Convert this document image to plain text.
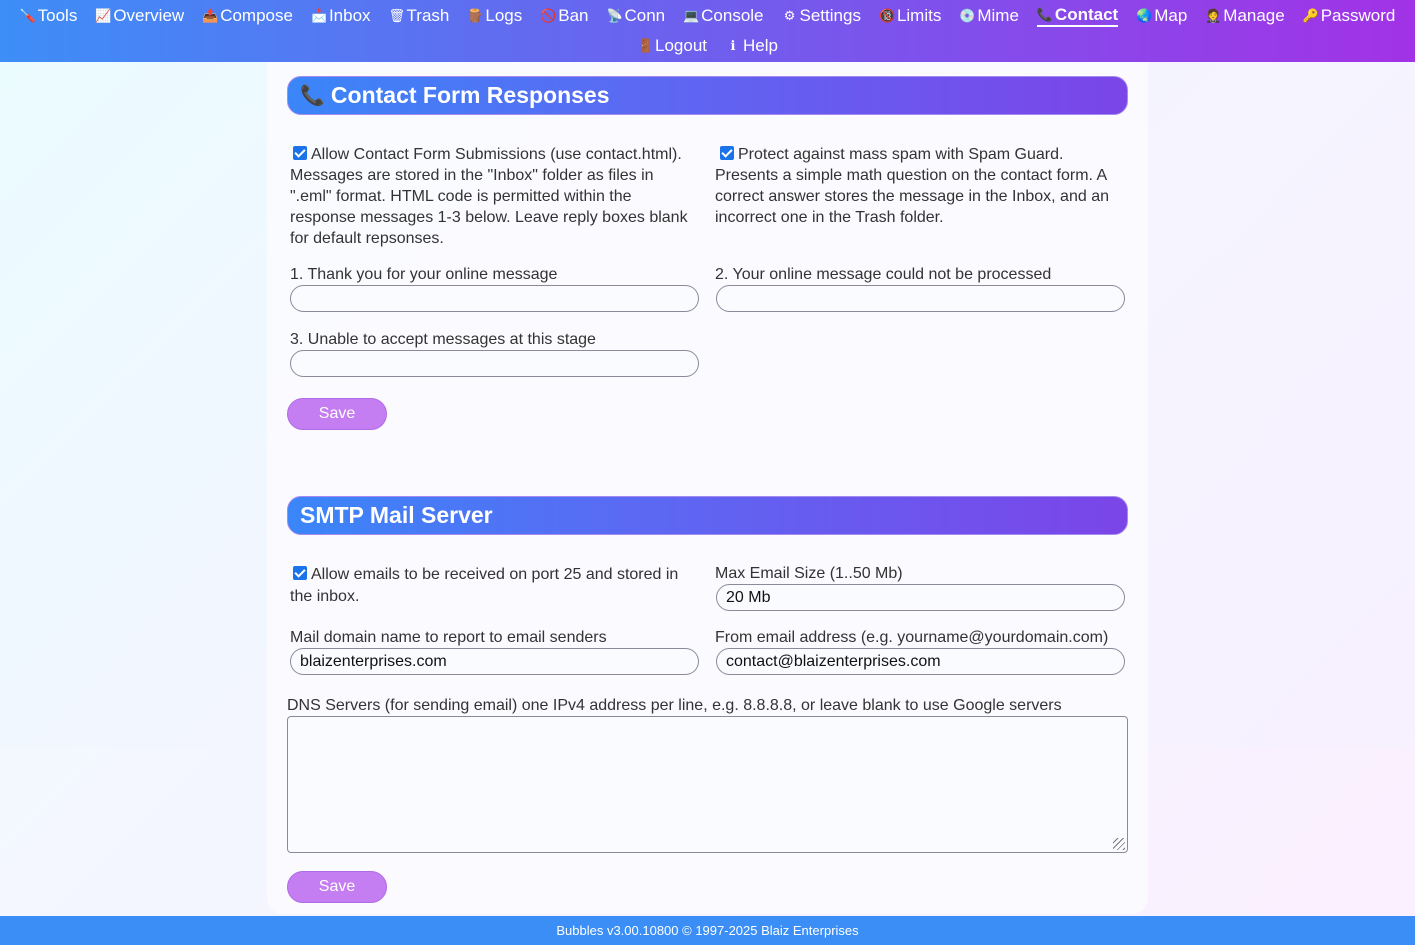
🪛 Tools 📈 Overview 📤 Compose 📩 Inbox 🗑 Trash 🪵 Logs 🚫 Ban 📡 Conn 💻 Console ⚙ Settings 🔞 Limits 💿 Mime 📞 Contact 🌏 Map 🤵 Manage 🔑 Password
🚪 Logout	ℹ Help
📞 Contact Form Responses
Allow Contact Form Submissions (use contact.html). Messages are stored in the "Inbox" folder as files in ".eml" format. HTML code is permitted within the response messages 1-3 below. Leave reply boxes blank for default repsonses.
Protect against mass spam with Spam Guard. Presents a simple math question on the contact form. A correct answer stores the message in the Inbox, and an incorrect one in the Trash folder.
1. Thank you for your online message	2. Your online message could not be processed
3. Unable to accept messages at this stage
Save
SMTP Mail Server
Allow emails to be received on port 25 and stored in the inbox.
Max Email Size (1..50 Mb)
20 Mb
Mail domain name to report to email senders
blaizenterprises.com
From email address (e.g. yourname@yourdomain.com)
contact@blaizenterprises.com
DNS Servers (for sending email) one IPv4 address per line, e.g. 8.8.8.8, or leave blank to use Google servers
Save
Bubbles v3.00.10800 © 1997-2025 Blaiz Enterprises
